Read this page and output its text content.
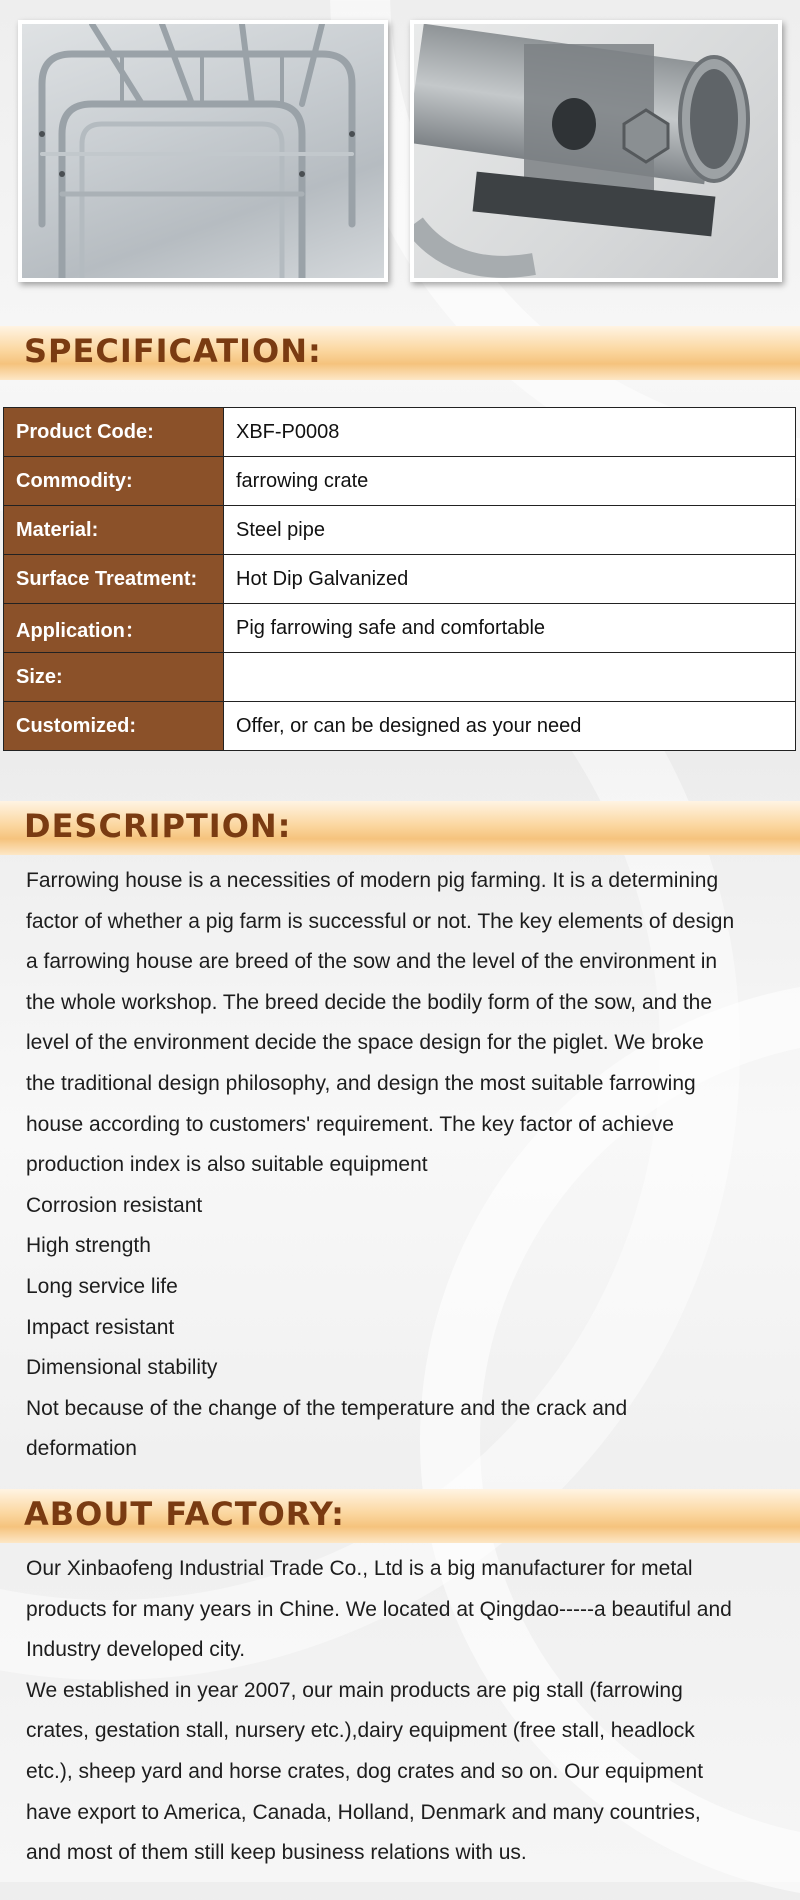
SPECIFICATION:
Product Code:	XBF-P0008
Commodity:	farrowing crate
Material:	Steel pipe
Surface Treatment:	Hot Dip Galvanized
Application：	Pig farrowing safe and comfortable
Size:	
Customized:	Offer, or can be designed as your need
DESCRIPTION:

Farrowing house is a necessities of modern pig farming. It is a determining

factor of whether a pig farm is successful or not. The key elements of design

a farrowing house are breed of the sow and the level of the environment in

the whole workshop. The breed decide the bodily form of the sow, and the

level of the environment decide the space design for the piglet. We broke

the traditional design philosophy, and design the most suitable farrowing

house according to customers' requirement. The key factor of achieve

production index is also suitable equipment

Corrosion resistant

High strength

Long service life

Impact resistant

Dimensional stability

Not because of the change of the temperature and the crack and

deformation

ABOUT FACTORY:

Our Xinbaofeng Industrial Trade Co., Ltd is a big manufacturer for metal

products for many years in Chine. We located at Qingdao-----a beautiful and

Industry developed city.

We established in year 2007, our main products are pig stall (farrowing

crates, gestation stall, nursery etc.),dairy equipment (free stall, headlock

etc.), sheep yard and horse crates, dog crates and so on. Our equipment

have export to America, Canada, Holland, Denmark and many countries,

and most of them still keep business relations with us.
